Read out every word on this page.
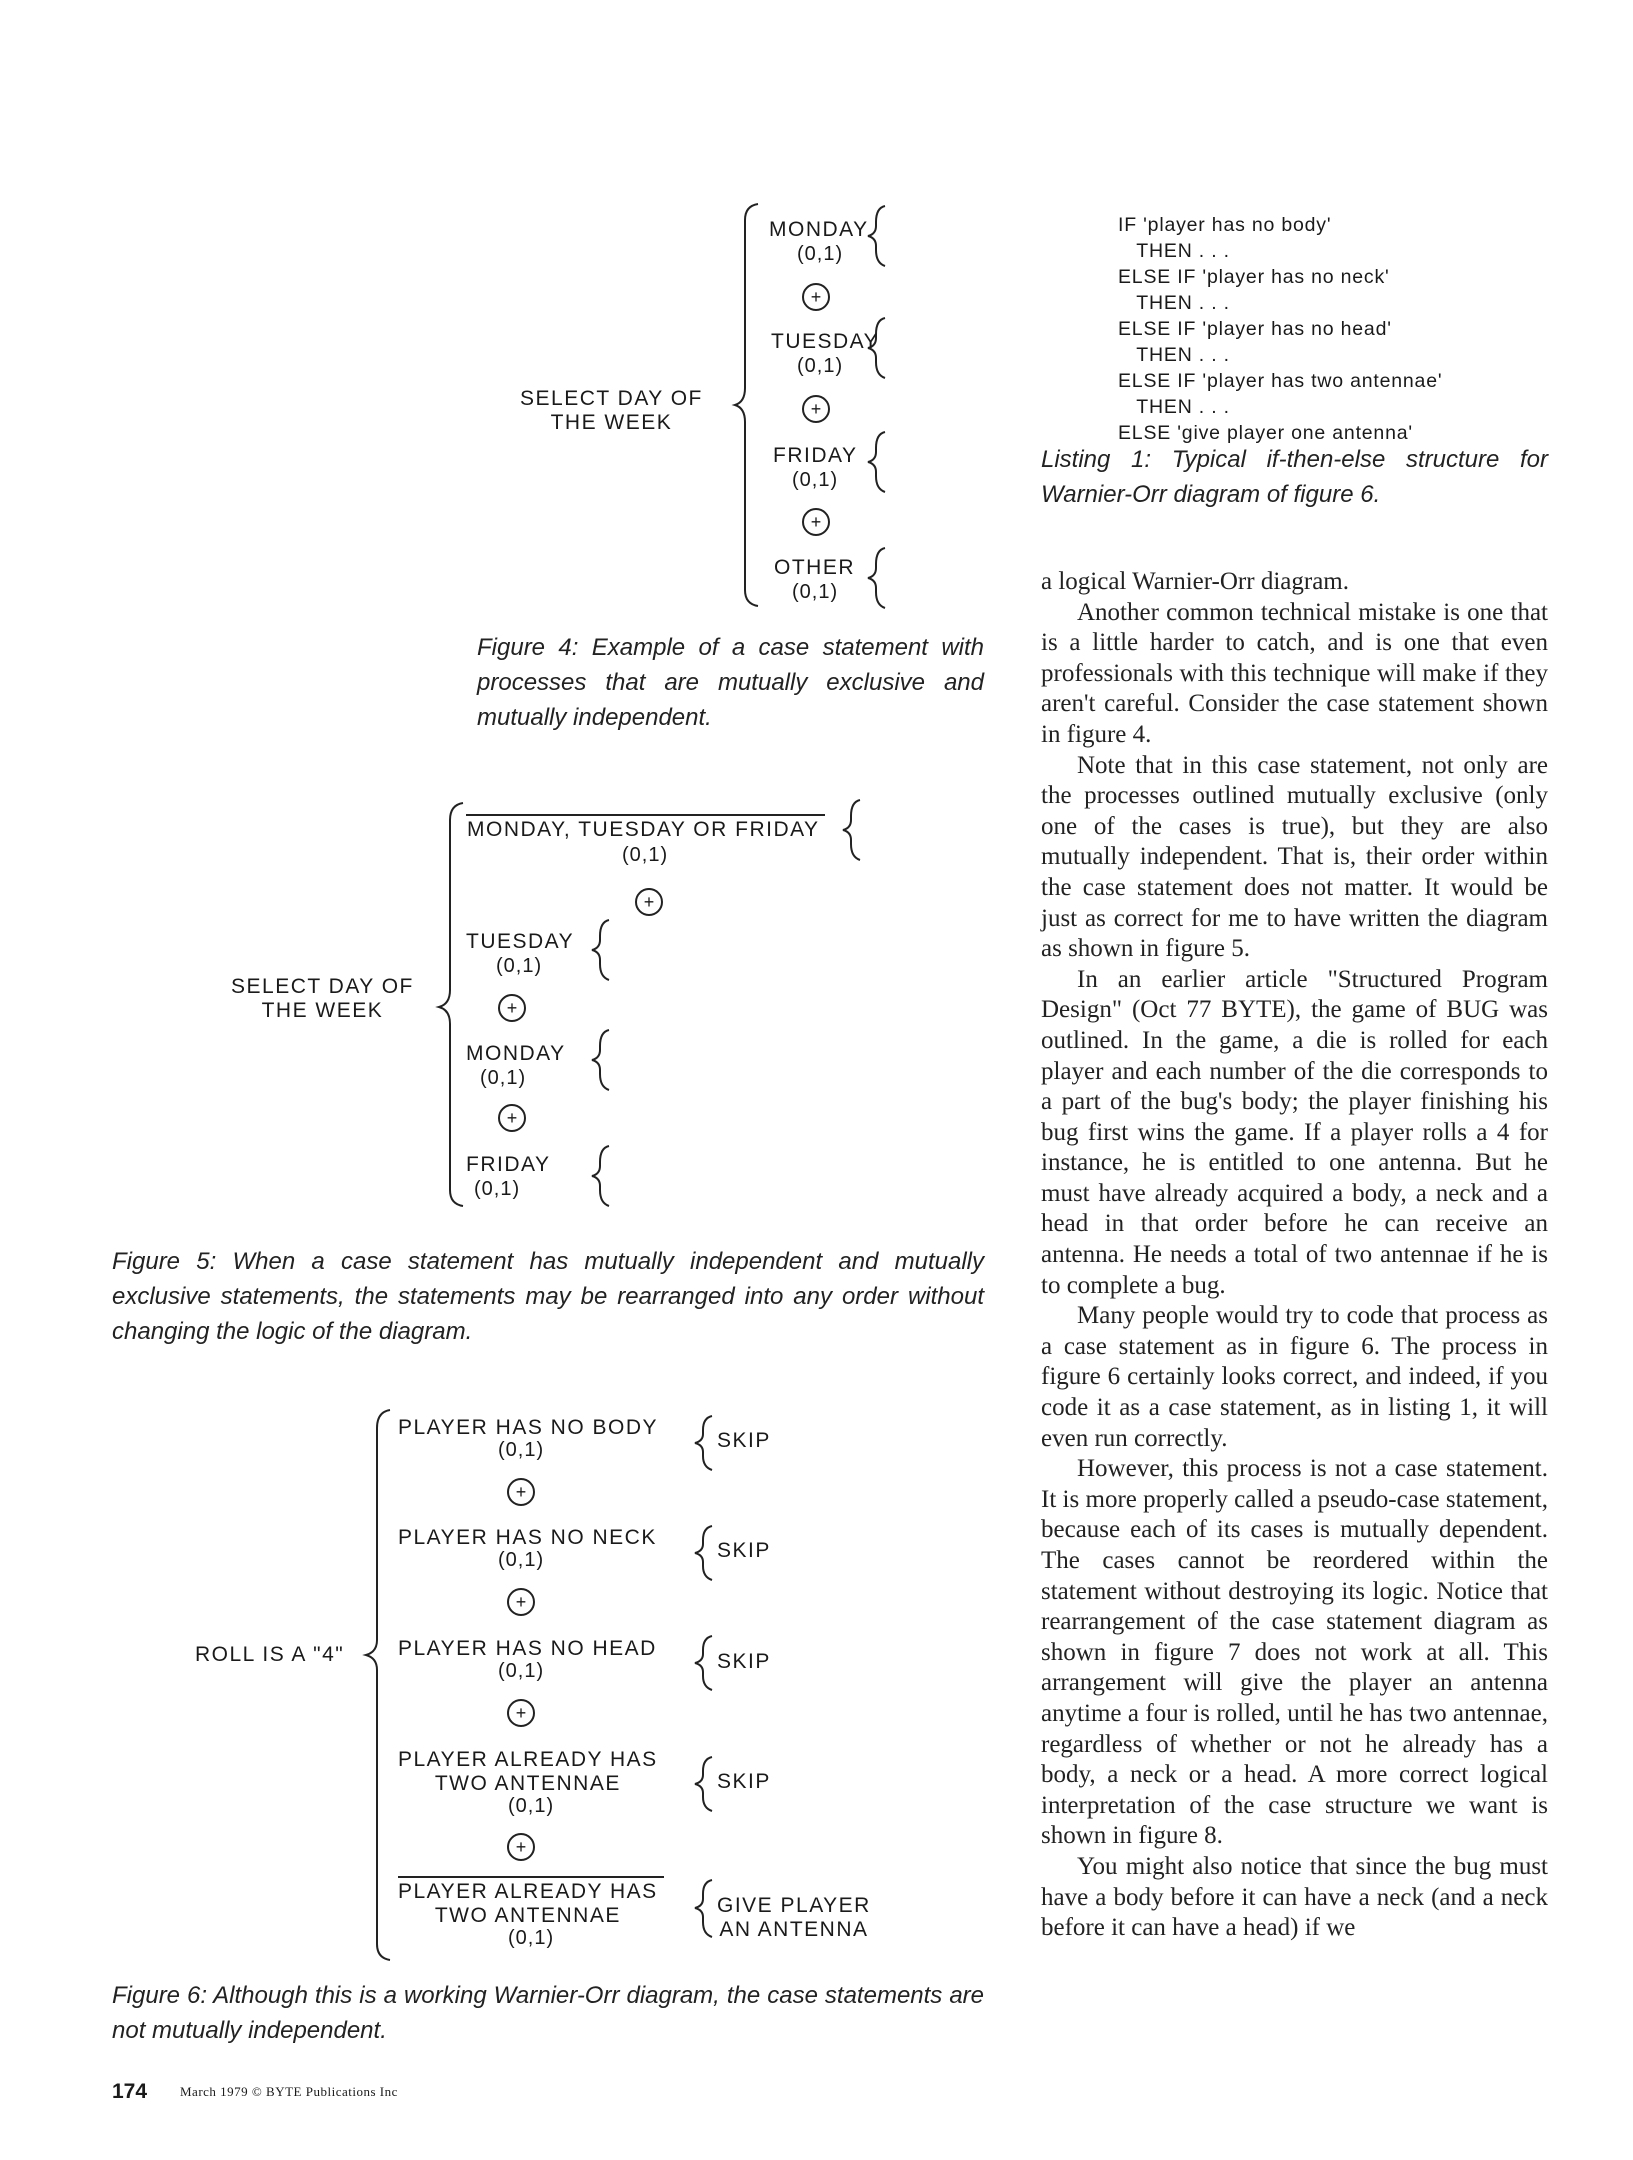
SELECT DAY OF
THE WEEK
MONDAY
(0,1)
+
TUESDAY
(0,1)
+
FRIDAY
(0,1)
+
OTHER
(0,1)
Figure 4: Example of a case statement with processes that are mutually exclusive and mutually independent.
SELECT DAY OF
THE WEEK
MONDAY, TUESDAY OR FRIDAY
(0,1)
+
TUESDAY
(0,1)
+
MONDAY
(0,1)
+
FRIDAY
(0,1)
Figure 5: When a case statement has mutually independent and mutually exclusive statements, the statements may be rearranged into any order without changing the logic of the diagram.
ROLL IS A "4"
PLAYER HAS NO BODY
(0,1)	SKIP
+
PLAYER HAS NO NECK
(0,1)	SKIP
+
PLAYER HAS NO HEAD
(0,1)	SKIP
+
PLAYER ALREADY HAS
TWO ANTENNAE
(0,1)
SKIP
+
PLAYER ALREADY HAS
TWO ANTENNAE
(0,1)
GIVE PLAYER
AN ANTENNA
Figure 6: Although this is a working Warnier-Orr diagram, the case statements are not mutually independent.
IF 'player has no body'
THEN . . .
ELSE IF 'player has no neck'
THEN . . .
ELSE IF 'player has no head'
THEN . . .
ELSE IF 'player has two antennae'
THEN . . .
ELSE 'give player one antenna'
Listing 1: Typical if-then-else structure for Warnier-Orr diagram of figure 6.

a logical Warnier-Orr diagram.

Another common technical mistake is one that is a little harder to catch, and is one that even professionals with this technique will make if they aren't careful. Consider the case statement shown in figure 4.

Note that in this case statement, not only are the processes outlined mutually exclusive (only one of the cases is true), but they are also mutually independent. That is, their order within the case statement does not matter. It would be just as correct for me to have written the diagram as shown in figure 5.

In an earlier article "Structured Program Design" (Oct 77 BYTE), the game of BUG was outlined. In the game, a die is rolled for each player and each number of the die corresponds to a part of the bug's body; the player finishing his bug first wins the game. If a player rolls a 4 for instance, he is entitled to one antenna. But he must have already acquired a body, a neck and a head in that order before he can receive an antenna. He needs a total of two antennae if he is to complete a bug.

Many people would try to code that process as a case statement as in figure 6. The process in figure 6 certainly looks correct, and indeed, if you code it as a case statement, as in listing 1, it will even run correctly.

However, this process is not a case statement. It is more properly called a pseudo-case statement, because each of its cases is mutually dependent. The cases cannot be reordered within the statement without destroying its logic. Notice that rearrangement of the case statement diagram as shown in figure 7 does not work at all. This arrangement will give the player an antenna anytime a four is rolled, until he has two antennae, regardless of whether or not he already has a body, a neck or a head. A more correct logical interpretation of the case structure we want is shown in figure 8.

You might also notice that since the bug must have a body before it can have a neck (and a neck before it can have a head) if we

174	March 1979 © BYTE Publications Inc
